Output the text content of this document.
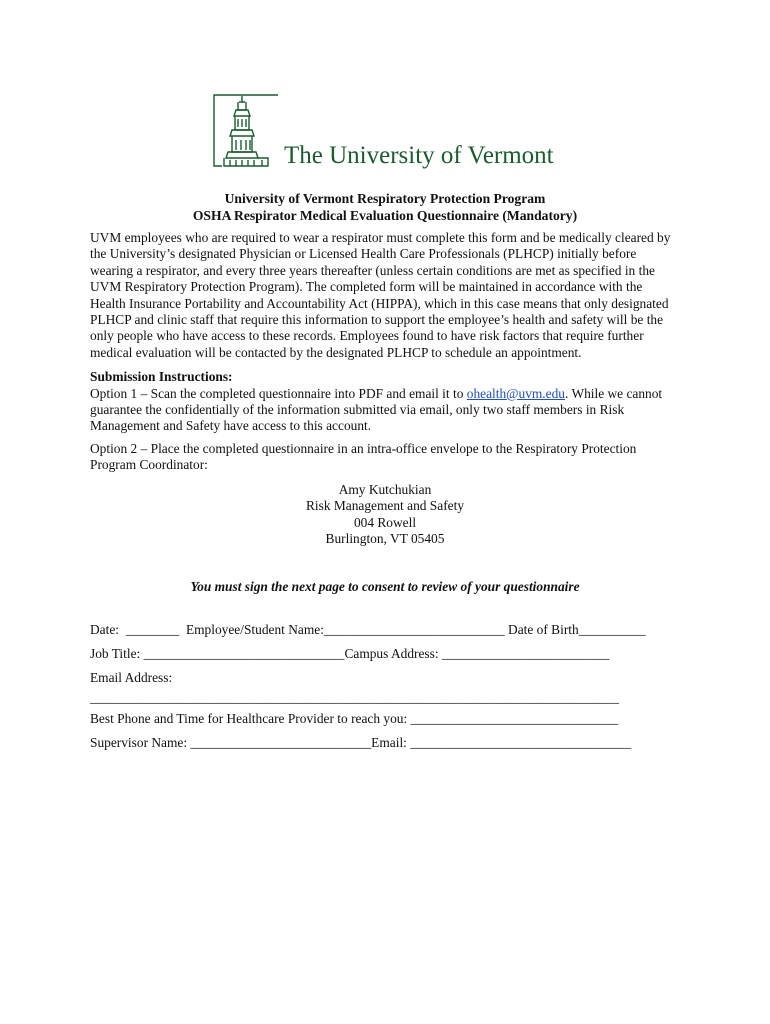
The University of Vermont
University of Vermont Respiratory Protection Program
OSHA Respirator Medical Evaluation Questionnaire (Mandatory)
UVM employees who are required to wear a respirator must complete this form and be medically cleared by the University’s designated Physician or Licensed Health Care Professionals (PLHCP) initially before wearing a respirator, and every three years thereafter (unless certain conditions are met as specified in the UVM Respiratory Protection Program). The completed form will be maintained in accordance with the Health Insurance Portability and Accountability Act (HIPPA), which in this case means that only designated PLHCP and clinic staff that require this information to support the employee’s health and safety will be the only people who have access to these records. Employees found to have risk factors that require further medical evaluation will be contacted by the designated PLHCP to schedule an appointment.
Submission Instructions:
Option 1 – Scan the completed questionnaire into PDF and email it to ohealth@uvm.edu. While we cannot guarantee the confidentially of the information submitted via email, only two staff members in Risk Management and Safety have access to this account.
Option 2 – Place the completed questionnaire in an intra-office envelope to the Respiratory Protection Program Coordinator:
Amy Kutchukian
Risk Management and Safety
004 Rowell
Burlington, VT 05405
You must sign the next page to consent to review of your questionnaire
Date:  ________  Employee/Student Name:___________________________ Date of Birth__________
Job Title: ______________________________Campus Address: _________________________
Email Address:
_______________________________________________________________________________
Best Phone and Time for Healthcare Provider to reach you: _______________________________
Supervisor Name: ___________________________Email: _________________________________
